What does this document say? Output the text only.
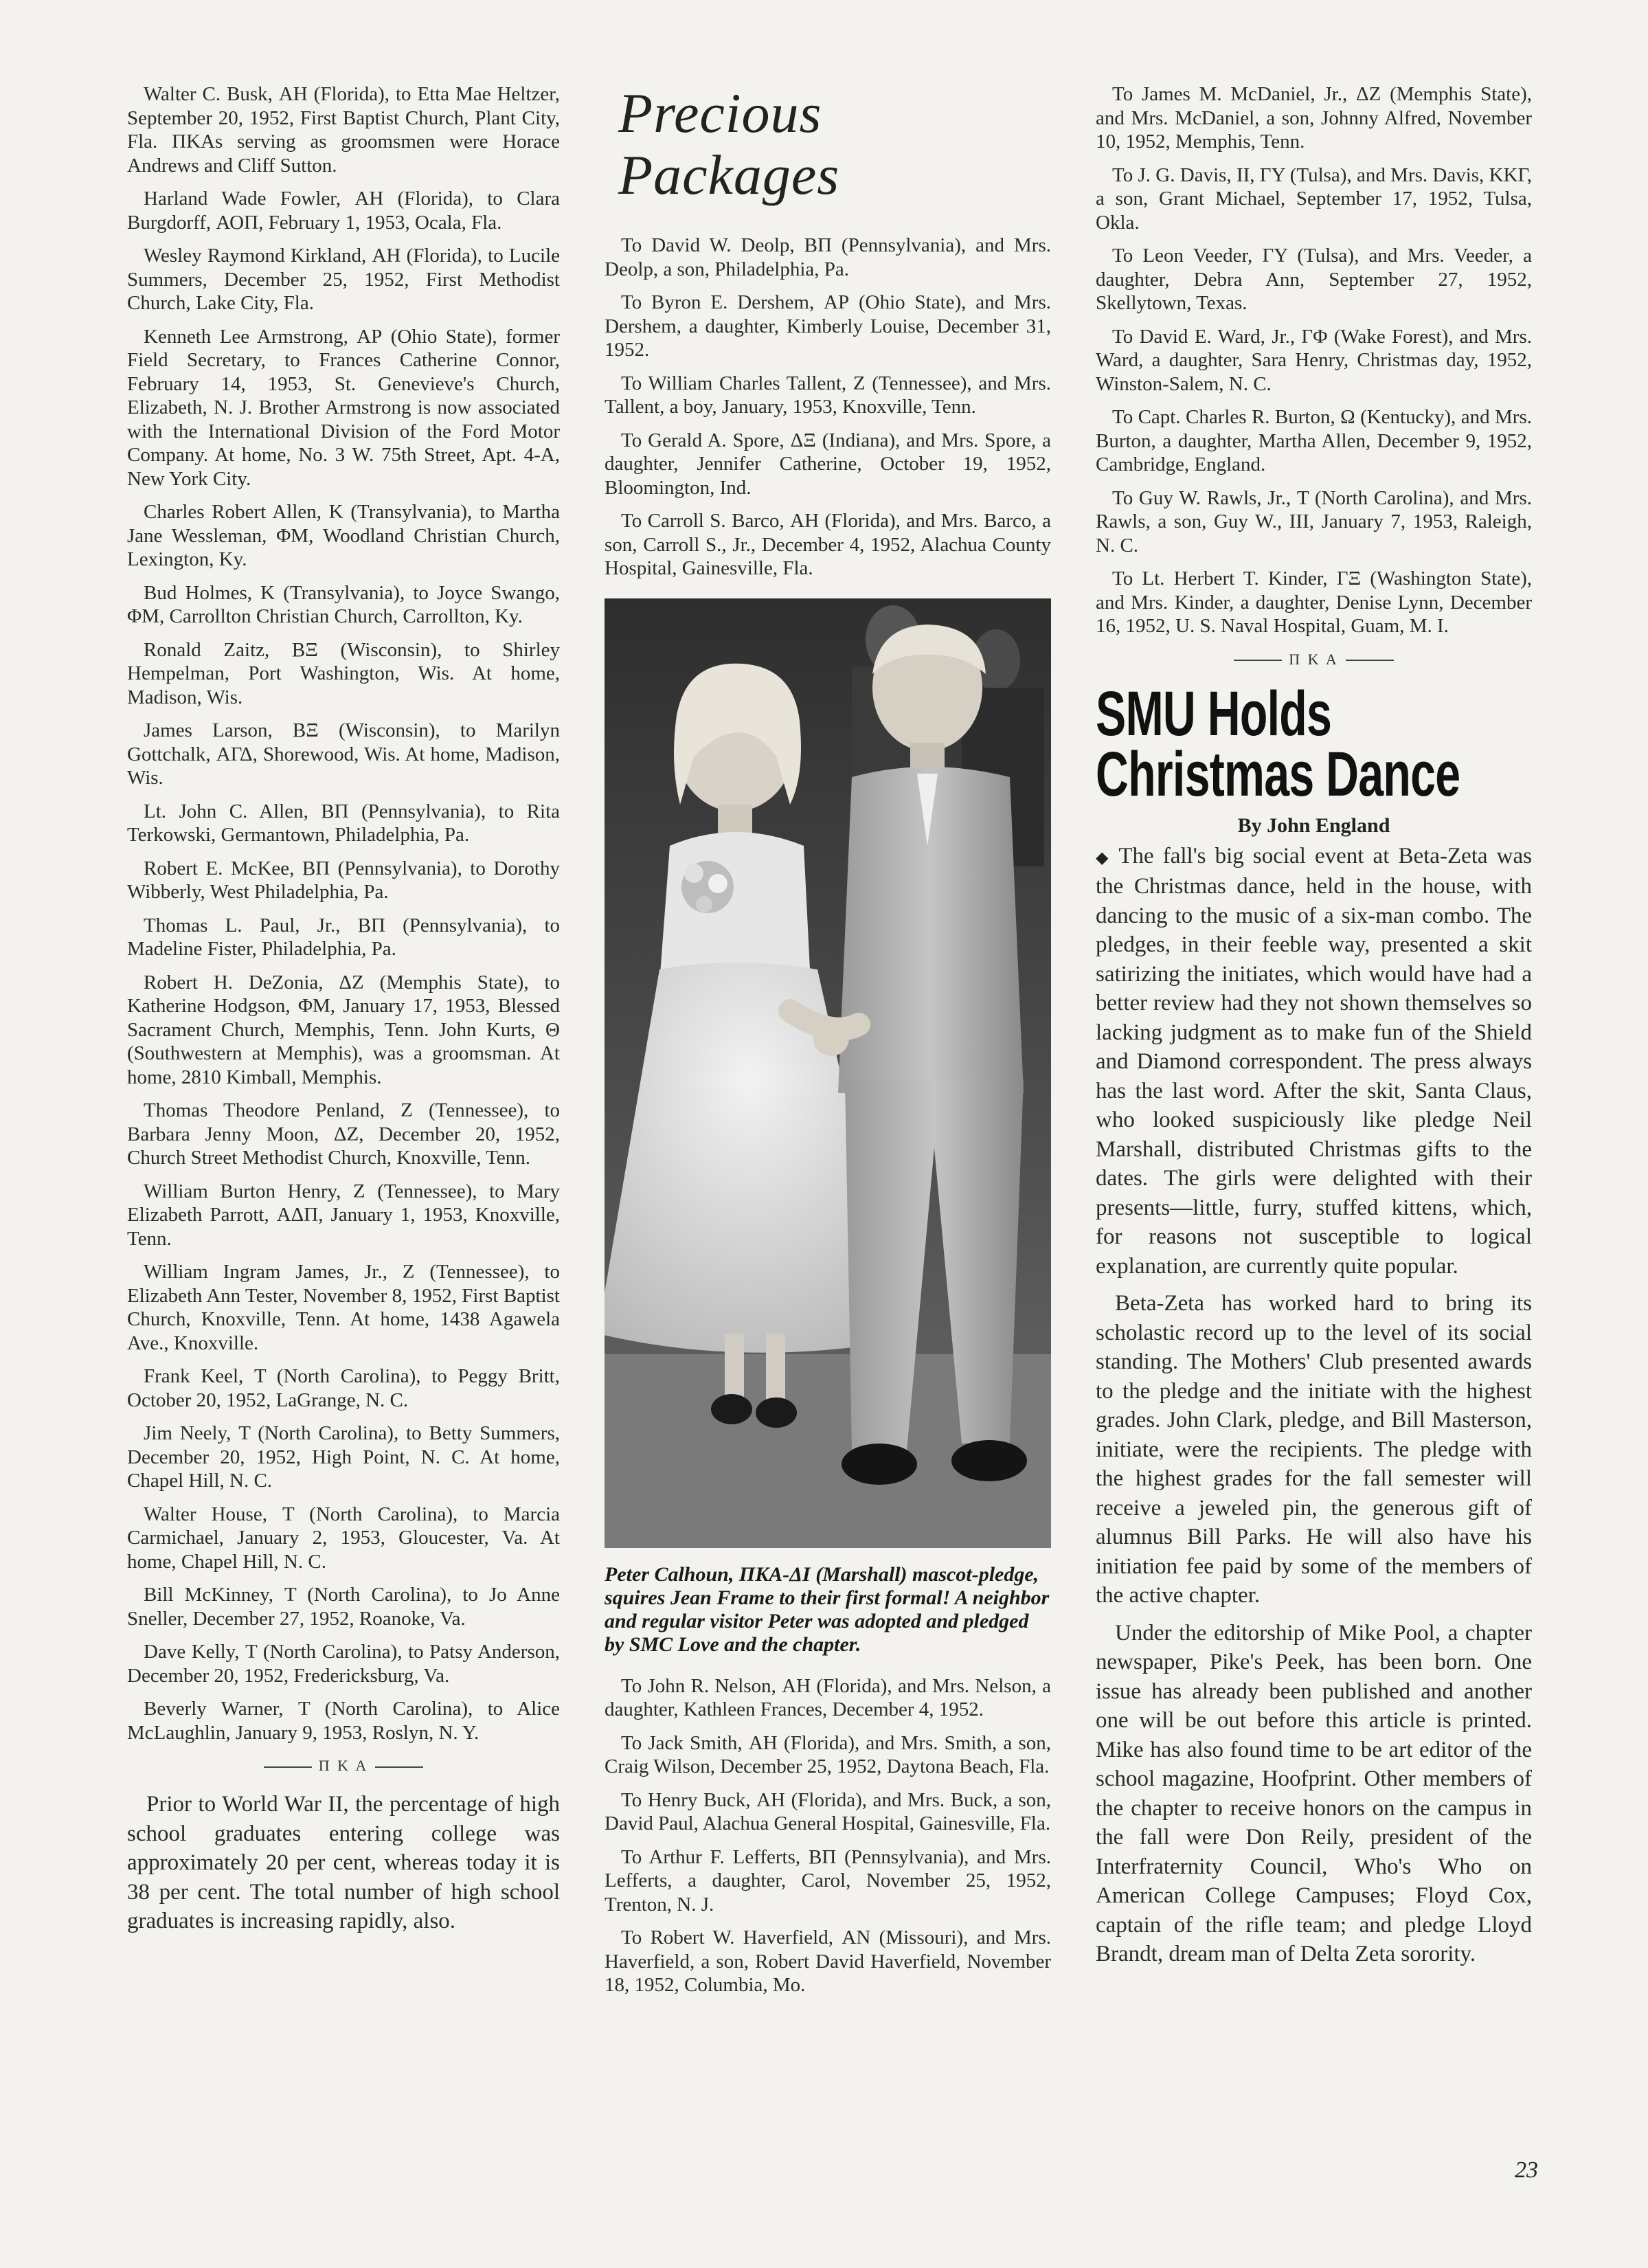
Walter C. Busk, ΑΗ (Florida), to Etta Mae Heltzer, September 20, 1952, First Baptist Church, Plant City, Fla. ΠΚΑs serving as groomsmen were Horace Andrews and Cliff Sutton.

Harland Wade Fowler, ΑΗ (Florida), to Clara Burgdorff, ΑΟΠ, February 1, 1953, Ocala, Fla.

Wesley Raymond Kirkland, ΑΗ (Florida), to Lucile Summers, December 25, 1952, First Methodist Church, Lake City, Fla.

Kenneth Lee Armstrong, ΑΡ (Ohio State), former Field Secretary, to Frances Catherine Connor, February 14, 1953, St. Genevieve's Church, Elizabeth, N. J. Brother Armstrong is now associated with the International Division of the Ford Motor Company. At home, No. 3 W. 75th Street, Apt. 4-A, New York City.

Charles Robert Allen, Κ (Transylvania), to Martha Jane Wessleman, ΦΜ, Woodland Christian Church, Lexington, Ky.

Bud Holmes, Κ (Transylvania), to Joyce Swango, ΦΜ, Carrollton Christian Church, Carrollton, Ky.

Ronald Zaitz, ΒΞ (Wisconsin), to Shirley Hempelman, Port Washington, Wis. At home, Madison, Wis.

James Larson, ΒΞ (Wisconsin), to Marilyn Gottchalk, ΑΓΔ, Shorewood, Wis. At home, Madison, Wis.

Lt. John C. Allen, ΒΠ (Pennsylvania), to Rita Terkowski, Germantown, Philadelphia, Pa.

Robert E. McKee, ΒΠ (Pennsylvania), to Dorothy Wibberly, West Philadelphia, Pa.

Thomas L. Paul, Jr., ΒΠ (Pennsylvania), to Madeline Fister, Philadelphia, Pa.

Robert H. DeZonia, ΔΖ (Memphis State), to Katherine Hodgson, ΦΜ, January 17, 1953, Blessed Sacrament Church, Memphis, Tenn. John Kurts, Θ (Southwestern at Memphis), was a groomsman. At home, 2810 Kimball, Memphis.

Thomas Theodore Penland, Ζ (Tennessee), to Barbara Jenny Moon, ΔΖ, December 20, 1952, Church Street Methodist Church, Knoxville, Tenn.

William Burton Henry, Ζ (Tennessee), to Mary Elizabeth Parrott, ΑΔΠ, January 1, 1953, Knoxville, Tenn.

William Ingram James, Jr., Ζ (Tennessee), to Elizabeth Ann Tester, November 8, 1952, First Baptist Church, Knoxville, Tenn. At home, 1438 Agawela Ave., Knoxville.

Frank Keel, Τ (North Carolina), to Peggy Britt, October 20, 1952, LaGrange, N. C.

Jim Neely, Τ (North Carolina), to Betty Summers, December 20, 1952, High Point, N. C. At home, Chapel Hill, N. C.

Walter House, Τ (North Carolina), to Marcia Carmichael, January 2, 1953, Gloucester, Va. At home, Chapel Hill, N. C.

Bill McKinney, Τ (North Carolina), to Jo Anne Sneller, December 27, 1952, Roanoke, Va.

Dave Kelly, Τ (North Carolina), to Patsy Anderson, December 20, 1952, Fredericksburg, Va.

Beverly Warner, Τ (North Carolina), to Alice McLaughlin, January 9, 1953, Roslyn, N. Y.

Π Κ Α

Prior to World War II, the percentage of high school graduates entering college was approximately 20 per cent, whereas today it is 38 per cent. The total number of high school graduates is increasing rapidly, also.

Precious Packages

To David W. Deolp, ΒΠ (Pennsylvania), and Mrs. Deolp, a son, Philadelphia, Pa.

To Byron E. Dershem, ΑΡ (Ohio State), and Mrs. Dershem, a daughter, Kimberly Louise, December 31, 1952.

To William Charles Tallent, Ζ (Tennessee), and Mrs. Tallent, a boy, January, 1953, Knoxville, Tenn.

To Gerald A. Spore, ΔΞ (Indiana), and Mrs. Spore, a daughter, Jennifer Catherine, October 19, 1952, Bloomington, Ind.

To Carroll S. Barco, ΑΗ (Florida), and Mrs. Barco, a son, Carroll S., Jr., December 4, 1952, Alachua County Hospital, Gainesville, Fla.

Peter Calhoun, ΠΚΑ-ΔΙ (Marshall) mascot-pledge, squires Jean Frame to their first formal! A neighbor and regular visitor Peter was adopted and pledged by SMC Love and the chapter.

To John R. Nelson, ΑΗ (Florida), and Mrs. Nelson, a daughter, Kathleen Frances, December 4, 1952.

To Jack Smith, ΑΗ (Florida), and Mrs. Smith, a son, Craig Wilson, December 25, 1952, Daytona Beach, Fla.

To Henry Buck, ΑΗ (Florida), and Mrs. Buck, a son, David Paul, Alachua General Hospital, Gainesville, Fla.

To Arthur F. Lefferts, ΒΠ (Pennsylvania), and Mrs. Lefferts, a daughter, Carol, November 25, 1952, Trenton, N. J.

To Robert W. Haverfield, ΑΝ (Missouri), and Mrs. Haverfield, a son, Robert David Haverfield, November 18, 1952, Columbia, Mo.

To James M. McDaniel, Jr., ΔΖ (Memphis State), and Mrs. McDaniel, a son, Johnny Alfred, November 10, 1952, Memphis, Tenn.

To J. G. Davis, II, ΓΥ (Tulsa), and Mrs. Davis, ΚΚΓ, a son, Grant Michael, September 17, 1952, Tulsa, Okla.

To Leon Veeder, ΓΥ (Tulsa), and Mrs. Veeder, a daughter, Debra Ann, September 27, 1952, Skellytown, Texas.

To David E. Ward, Jr., ΓΦ (Wake Forest), and Mrs. Ward, a daughter, Sara Henry, Christmas day, 1952, Winston-Salem, N. C.

To Capt. Charles R. Burton, Ω (Kentucky), and Mrs. Burton, a daughter, Martha Allen, December 9, 1952, Cambridge, England.

To Guy W. Rawls, Jr., Τ (North Carolina), and Mrs. Rawls, a son, Guy W., III, January 7, 1953, Raleigh, N. C.

To Lt. Herbert T. Kinder, ΓΞ (Washington State), and Mrs. Kinder, a daughter, Denise Lynn, December 16, 1952, U. S. Naval Hospital, Guam, M. I.

Π Κ Α
SMU Holds Christmas Dance
By John England

◆ The fall's big social event at Beta-Zeta was the Christmas dance, held in the house, with dancing to the music of a six-man combo. The pledges, in their feeble way, presented a skit satirizing the initiates, which would have had a better review had they not shown themselves so lacking judgment as to make fun of the Shield and Diamond correspondent. The press always has the last word. After the skit, Santa Claus, who looked suspiciously like pledge Neil Marshall, distributed Christmas gifts to the dates. The girls were delighted with their presents—little, furry, stuffed kittens, which, for reasons not susceptible to logical explanation, are currently quite popular.

Beta-Zeta has worked hard to bring its scholastic record up to the level of its social standing. The Mothers' Club presented awards to the pledge and the initiate with the highest grades. John Clark, pledge, and Bill Masterson, initiate, were the recipients. The pledge with the highest grades for the fall semester will receive a jeweled pin, the generous gift of alumnus Bill Parks. He will also have his initiation fee paid by some of the members of the active chapter.

Under the editorship of Mike Pool, a chapter newspaper, Pike's Peek, has been born. One issue has already been published and another one will be out before this article is printed. Mike has also found time to be art editor of the school magazine, Hoofprint. Other members of the chapter to receive honors on the campus in the fall were Don Reily, president of the Interfraternity Council, Who's Who on American College Campuses; Floyd Cox, captain of the rifle team; and pledge Lloyd Brandt, dream man of Delta Zeta sorority.

23
